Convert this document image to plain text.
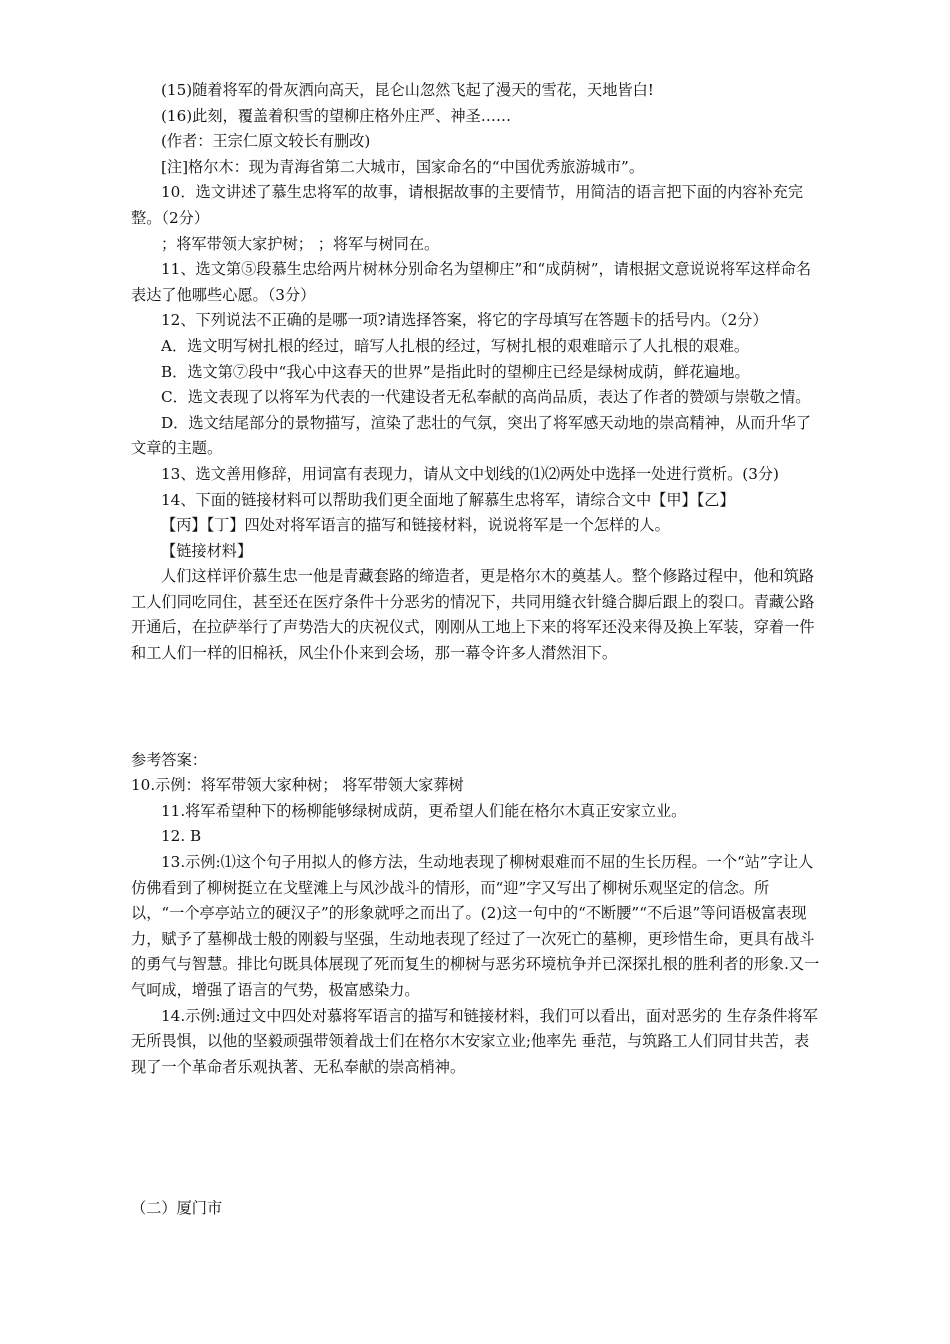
(15)随着将军的骨灰洒向高天，昆仑山忽然飞起了漫天的雪花，天地皆白!

(16)此刻，覆盖着积雪的望柳庄格外庄严、神圣……

(作者：王宗仁原文较长有删改)

[注]格尔木：现为青海省第二大城市，国家命名的“中国优秀旅游城市”。

10．选文讲述了慕生忠将军的故事，请根据故事的主要情节，用简洁的语言把下面的内容补充完整。（2分）

；将军带领大家护树； ；将军与树同在。

11、选文第⑤段慕生忠给两片树林分别命名为望柳庄”和“成荫树”，请根据文意说说将军这样命名表达了他哪些心愿。（3分）

12、下列说法不正确的是哪一项?请选择答案，将它的字母填写在答题卡的括号内。（2分）

A．选文明写树扎根的经过，暗写人扎根的经过，写树扎根的艰难暗示了人扎根的艰难。

B．选文第⑦段中“我心中这春天的世界”是指此时的望柳庄已经是绿树成荫，鲜花遍地。

C．选文表现了以将军为代表的一代建设者无私奉献的高尚品质，表达了作者的赞颂与崇敬之情。

D．选文结尾部分的景物描写，渲染了悲壮的气氛，突出了将军感天动地的崇高精神，从而升华了文章的主题。

13、选文善用修辞，用词富有表现力，请从文中划线的⑴⑵两处中选择一处进行赏析。(3分)

14、下面的链接材料可以帮助我们更全面地了解慕生忠将军，请综合文中【甲】【乙】

【丙】【丁】四处对将军语言的描写和链接材料，说说将军是一个怎样的人。

【链接材料】

人们这样评价慕生忠一他是青藏套路的缔造者，更是格尔木的奠基人。整个修路过程中，他和筑路工人们同吃同住，甚至还在医疗条件十分恶劣的情况下，共同用缝衣针缝合脚后跟上的裂口。青藏公路开通后，在拉萨举行了声势浩大的庆祝仪式，刚刚从工地上下来的将军还没来得及换上军装，穿着一件和工人们一样的旧棉袄，风尘仆仆来到会场，那一幕令许多人潸然泪下。

参考答案：

10.示例：将军带领大家种树； 将军带领大家葬树

11.将军希望种下的杨柳能够绿树成荫，更希望人们能在格尔木真正安家立业。

12. B

13.示例:⑴这个句子用拟人的修方法，生动地表现了柳树艰难而不屈的生长历程。一个“站”字让人仿佛看到了柳树挺立在戈壁滩上与风沙战斗的情形，而“迎”字又写出了柳树乐观坚定的信念。所以，“一个亭亭站立的硬汉子”的形象就呼之而出了。(2)这一句中的“不断腰”“不后退”等问语极富表现力，赋予了墓柳战士般的刚毅与坚强，生动地表现了经过了一次死亡的墓柳，更珍惜生命，更具有战斗的勇气与智慧。排比句既具体展现了死而复生的柳树与恶劣环境杭争并已深探扎根的胜利者的形象.又一气呵成，增强了语言的气势，极富感染力。

14.示例:通过文中四处对慕将军语言的描写和链接材料，我们可以看出，面对恶劣的 生存条件将军无所畏惧，以他的坚毅顽强带领着战士们在格尔木安家立业;他率先 垂范，与筑路工人们同甘共苦，表现了一个革命者乐观执著、无私奉献的崇高梢神。

（二）厦门市
